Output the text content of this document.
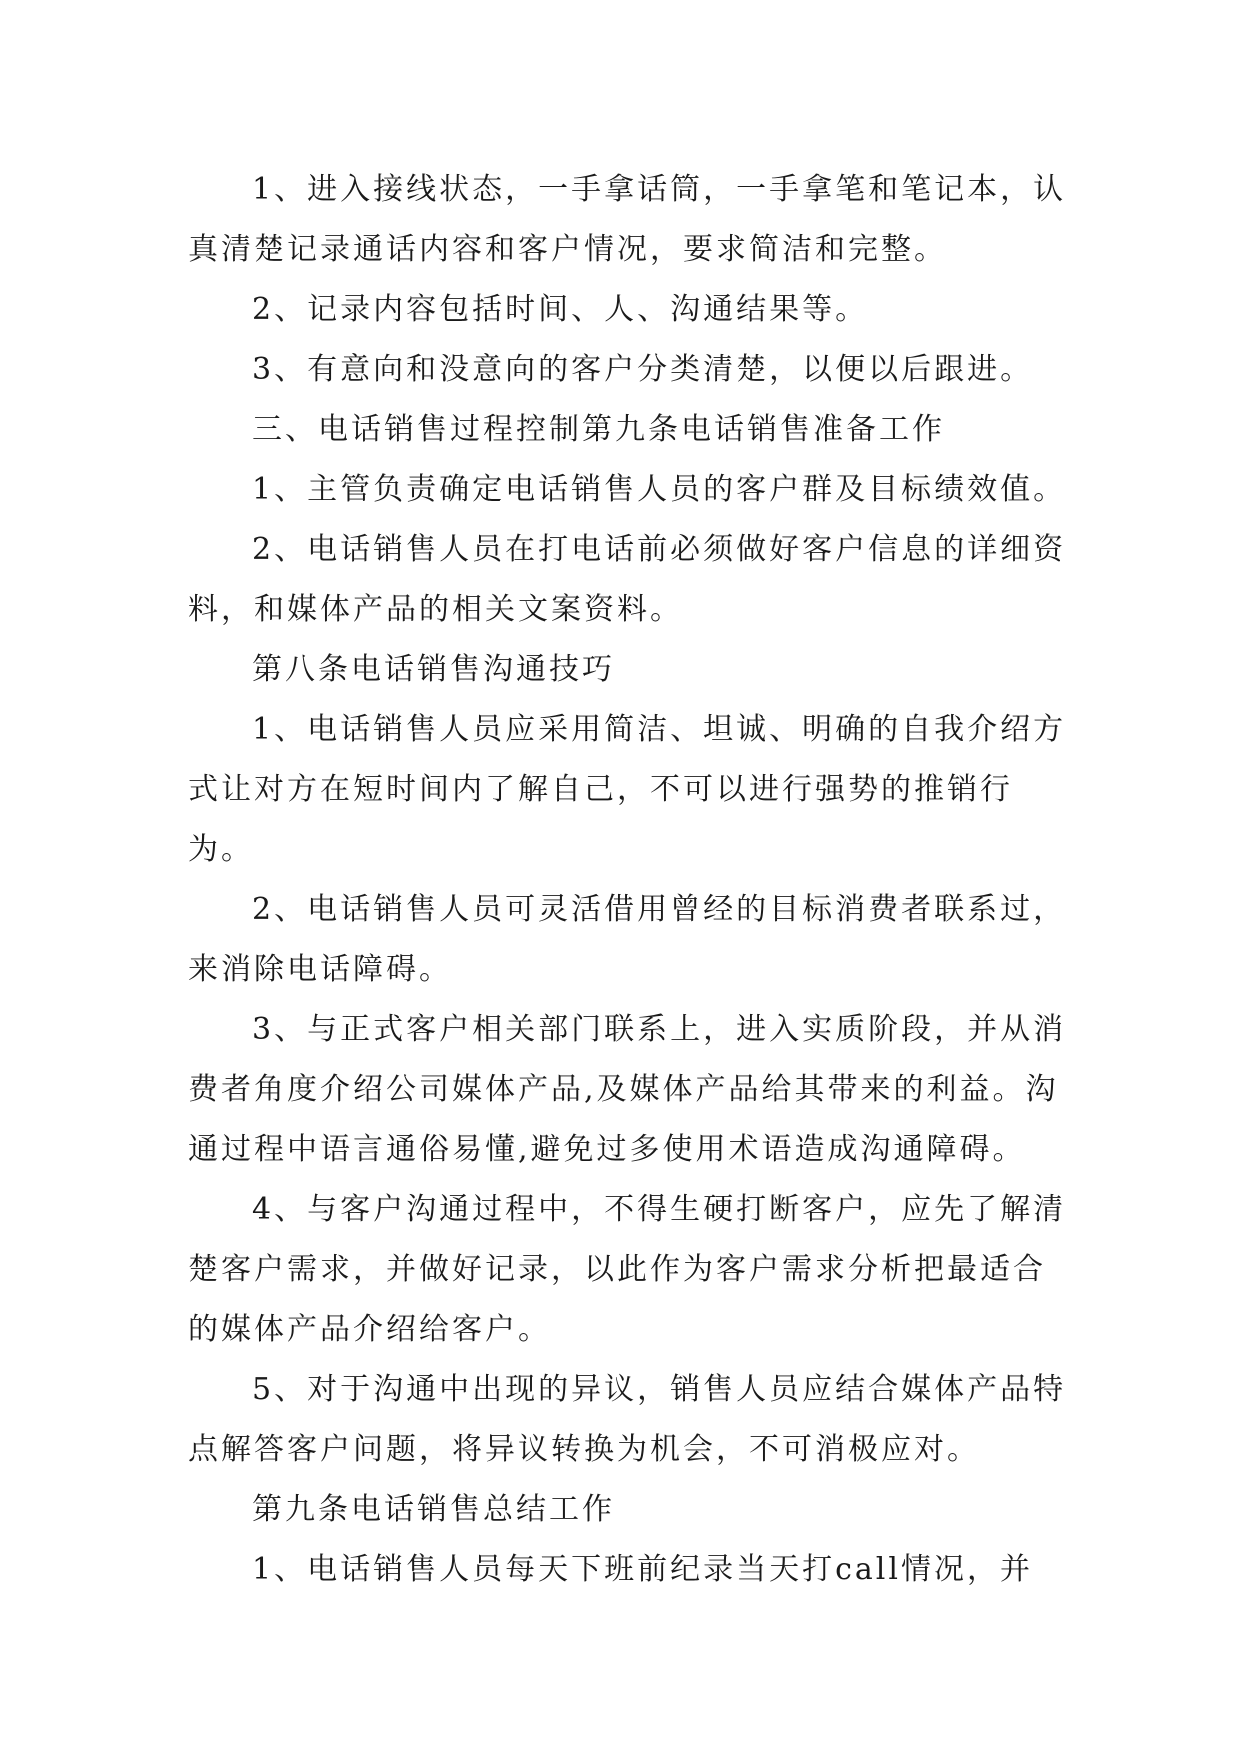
1、进入接线状态，一手拿话筒，一手拿笔和笔记本，认真清楚记录通话内容和客户情况，要求简洁和完整。

2、记录内容包括时间、人、沟通结果等。

3、有意向和没意向的客户分类清楚，以便以后跟进。

三、电话销售过程控制第九条电话销售准备工作

1、主管负责确定电话销售人员的客户群及目标绩效值。

2、电话销售人员在打电话前必须做好客户信息的详细资料，和媒体产品的相关文案资料。

第八条电话销售沟通技巧

1、电话销售人员应采用简洁、坦诚、明确的自我介绍方式让对方在短时间内了解自己，不可以进行强势的推销行为。

2、电话销售人员可灵活借用曾经的目标消费者联系过，来消除电话障碍。

3、与正式客户相关部门联系上，进入实质阶段，并从消费者角度介绍公司媒体产品,及媒体产品给其带来的利益。沟通过程中语言通俗易懂,避免过多使用术语造成沟通障碍。

4、与客户沟通过程中，不得生硬打断客户，应先了解清楚客户需求，并做好记录，以此作为客户需求分析把最适合的媒体产品介绍给客户。

5、对于沟通中出现的异议，销售人员应结合媒体产品特点解答客户问题，将异议转换为机会，不可消极应对。

第九条电话销售总结工作

1、电话销售人员每天下班前纪录当天打call情况，并
